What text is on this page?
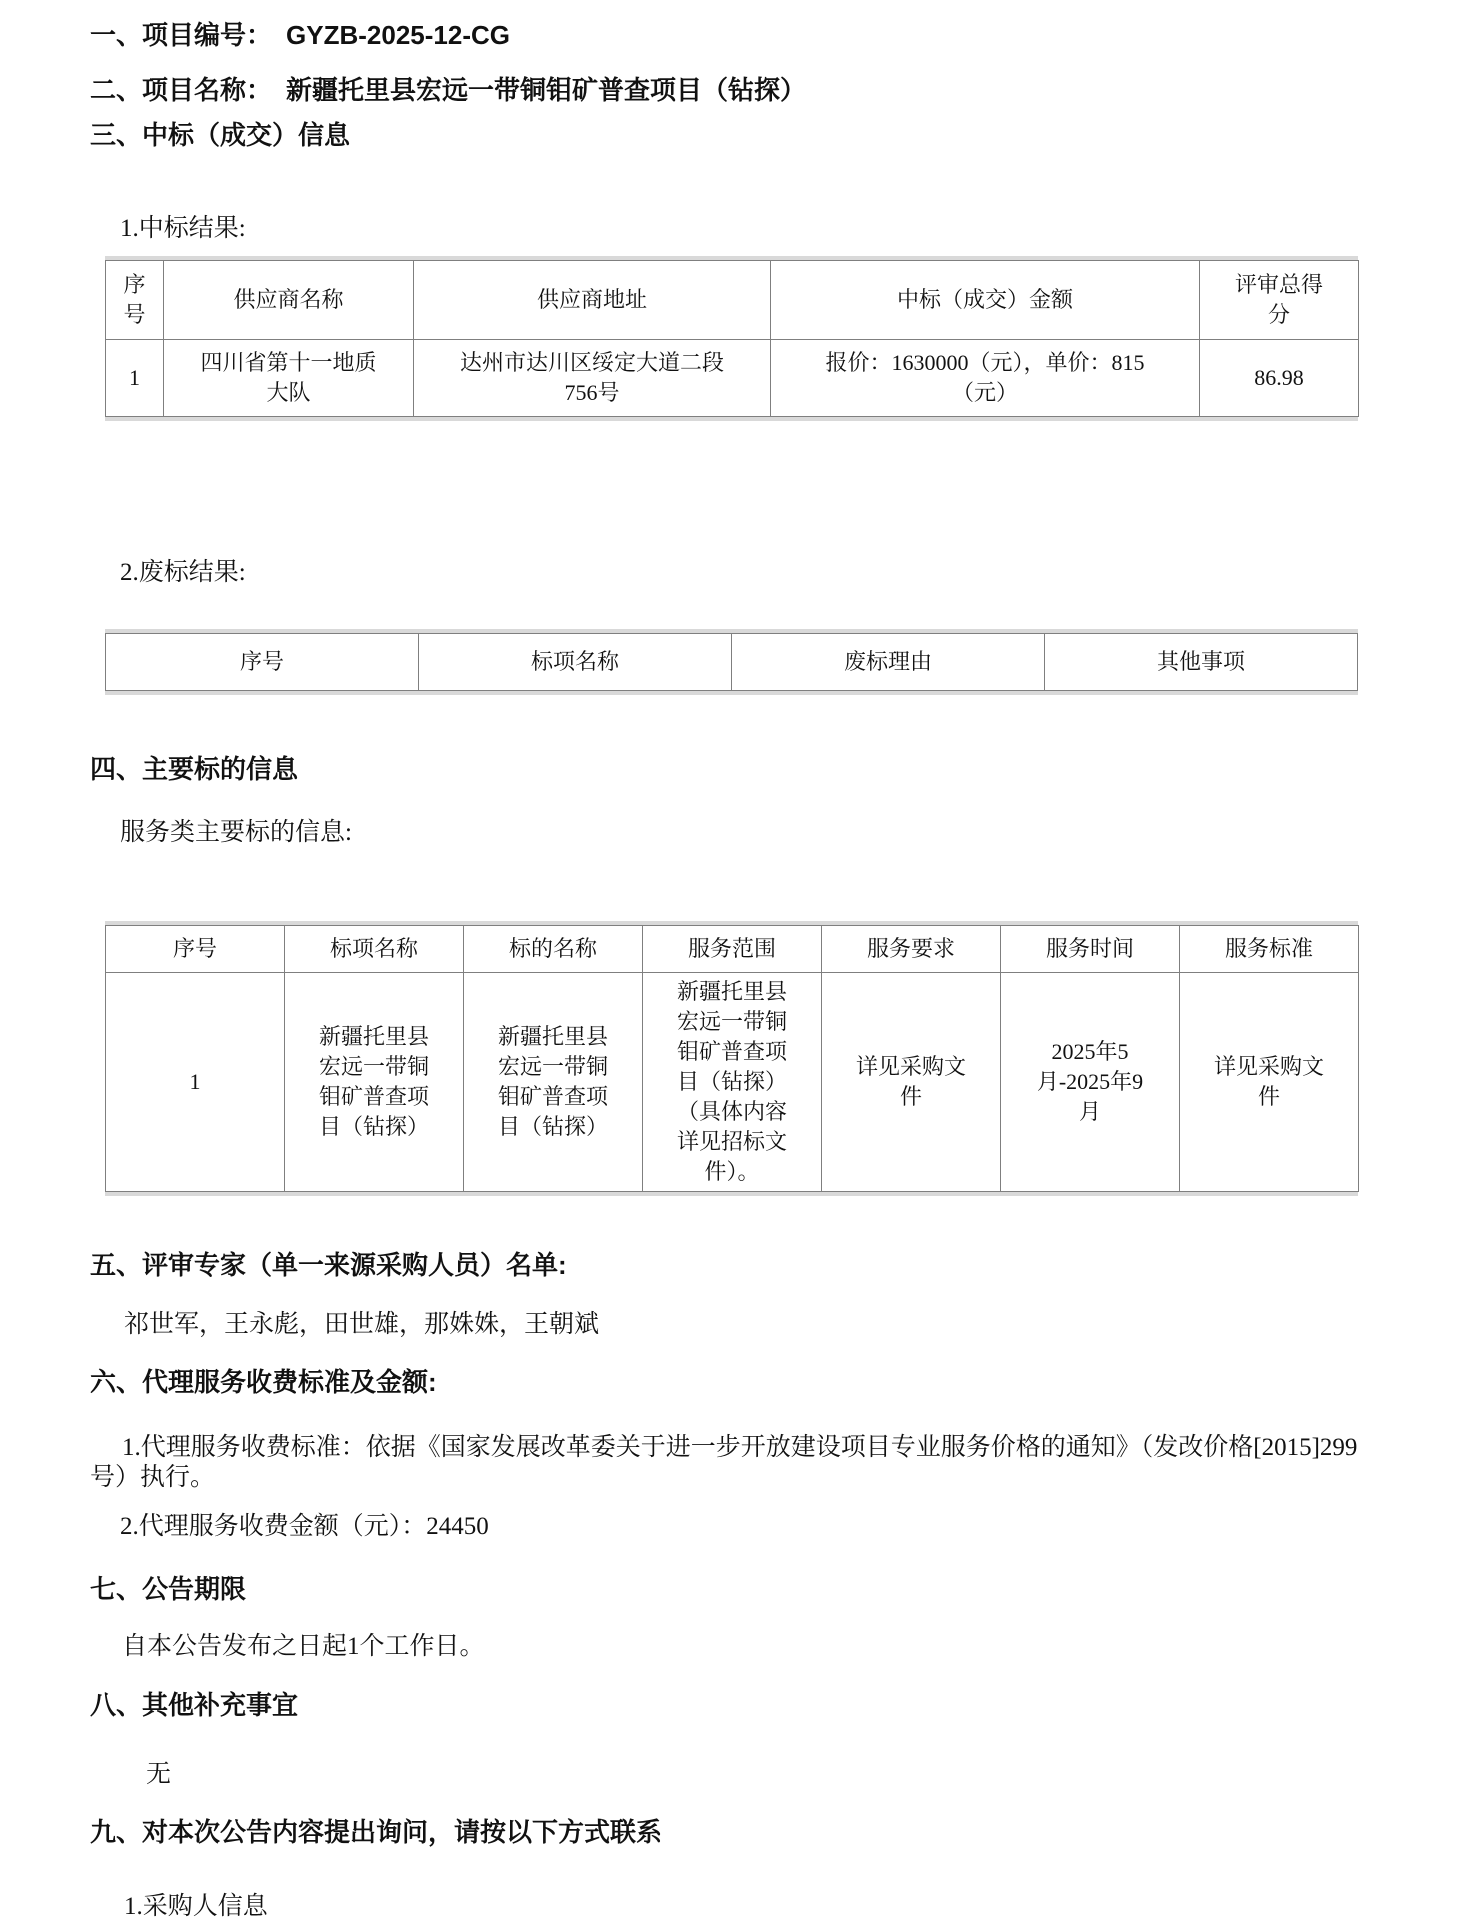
一、项目编号： GYZB-2025-12-CG
二、项目名称： 新疆托里县宏远一带铜钼矿普查项目（钻探）
三、中标（成交）信息
1.中标结果:
序号	供应商名称	供应商地址	中标（成交）金额	评审总得分
1	四川省第十一地质大队	达州市达川区绥定大道二段756号	报价：1630000（元），单价：815（元）	86.98
2.废标结果:
序号	标项名称	废标理由	其他事项
四、主要标的信息
服务类主要标的信息:
序号	标项名称	标的名称	服务范围	服务要求	服务时间	服务标准
1	新疆托里县宏远一带铜钼矿普查项目（钻探）	新疆托里县宏远一带铜钼矿普查项目（钻探）	新疆托里县宏远一带铜钼矿普查项目（钻探）（具体内容详见招标文件）。	详见采购文件	2025年5月-2025年9月	详见采购文件
五、评审专家（单一来源采购人员）名单:
祁世军，王永彪，田世雄，那姝姝，王朝斌
六、代理服务收费标准及金额:
1.代理服务收费标准：依据《国家发展改革委关于进一步开放建设项目专业服务价格的通知》（发改价格[2015]299号）执行。
2.代理服务收费金额（元）：24450
七、公告期限
自本公告发布之日起1个工作日。
八、其他补充事宜
无
九、对本次公告内容提出询问，请按以下方式联系
1.采购人信息
